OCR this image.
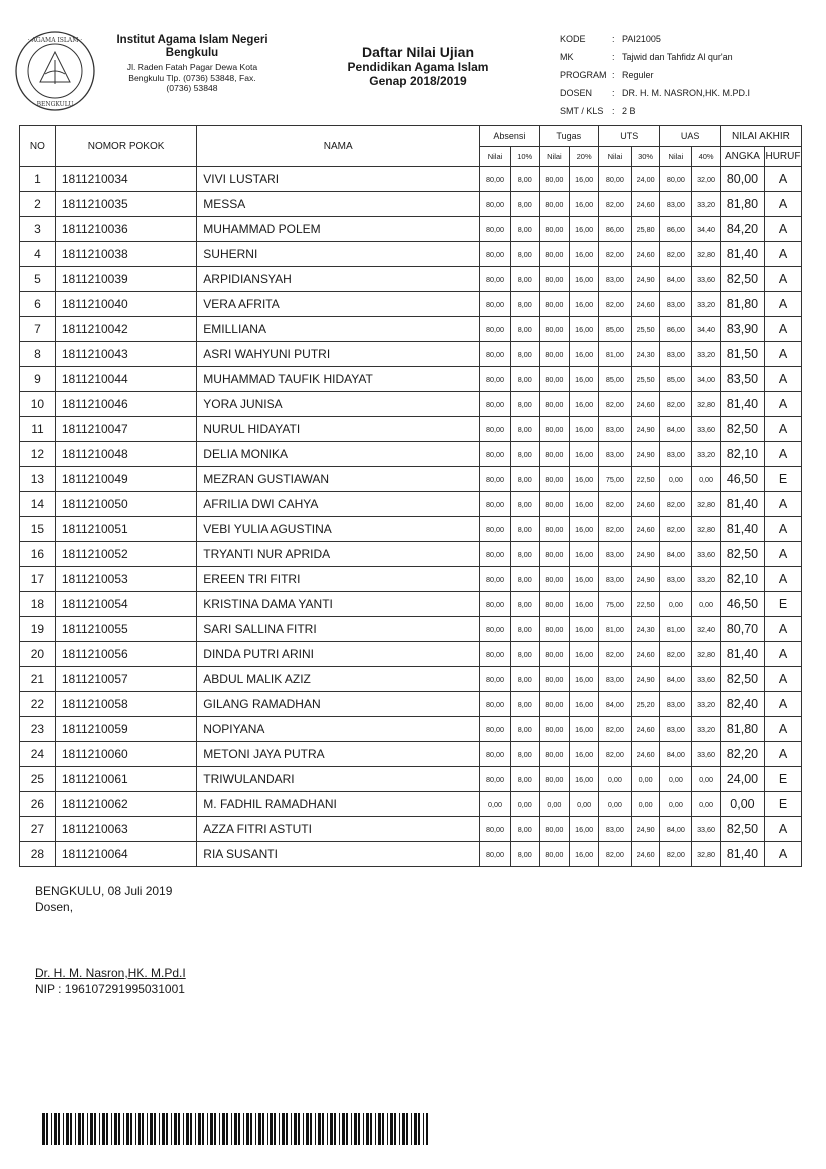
· AGAMA ISLAM ·
BENGKULU
Institut Agama Islam Negeri
Bengkulu
Jl. Raden Fatah Pagar Dewa Kota
Bengkulu Tlp. (0736) 53848, Fax.
(0736) 53848
Daftar Nilai Ujian
Pendidikan Agama Islam
Genap 2018/2019
KODE	: PAI21005
MK	: Tajwid dan Tahfidz Al qur'an
PROGRAM : Reguler
DOSEN	: DR. H. M. NASRON,HK. M.PD.I
SMT / KLS : 2 B
NO	NOMOR POKOK	NAMA	Absensi		Tugas		UTS		UAS		NILAI AKHIR	
			Nilai	10%	Nilai	20%	Nilai	30%	Nilai	40%	ANGKA	HURUF
1	1811210034	VIVI LUSTARI	80,00	8,00	80,00	16,00	80,00	24,00	80,00	32,00	80,00	A
2	1811210035	MESSA	80,00	8,00	80,00	16,00	82,00	24,60	83,00	33,20	81,80	A
3	1811210036	MUHAMMAD POLEM	80,00	8,00	80,00	16,00	86,00	25,80	86,00	34,40	84,20	A
4	1811210038	SUHERNI	80,00	8,00	80,00	16,00	82,00	24,60	82,00	32,80	81,40	A
5	1811210039	ARPIDIANSYAH	80,00	8,00	80,00	16,00	83,00	24,90	84,00	33,60	82,50	A
6	1811210040	VERA AFRITA	80,00	8,00	80,00	16,00	82,00	24,60	83,00	33,20	81,80	A
7	1811210042	EMILLIANA	80,00	8,00	80,00	16,00	85,00	25,50	86,00	34,40	83,90	A
8	1811210043	ASRI WAHYUNI PUTRI	80,00	8,00	80,00	16,00	81,00	24,30	83,00	33,20	81,50	A
9	1811210044	MUHAMMAD TAUFIK HIDAYAT	80,00	8,00	80,00	16,00	85,00	25,50	85,00	34,00	83,50	A
10	1811210046	YORA JUNISA	80,00	8,00	80,00	16,00	82,00	24,60	82,00	32,80	81,40	A
11	1811210047	NURUL HIDAYATI	80,00	8,00	80,00	16,00	83,00	24,90	84,00	33,60	82,50	A
12	1811210048	DELIA MONIKA	80,00	8,00	80,00	16,00	83,00	24,90	83,00	33,20	82,10	A
13	1811210049	MEZRAN GUSTIAWAN	80,00	8,00	80,00	16,00	75,00	22,50	0,00	0,00	46,50	E
14	1811210050	AFRILIA DWI CAHYA	80,00	8,00	80,00	16,00	82,00	24,60	82,00	32,80	81,40	A
15	1811210051	VEBI YULIA AGUSTINA	80,00	8,00	80,00	16,00	82,00	24,60	82,00	32,80	81,40	A
16	1811210052	TRYANTI NUR APRIDA	80,00	8,00	80,00	16,00	83,00	24,90	84,00	33,60	82,50	A
17	1811210053	EREEN TRI FITRI	80,00	8,00	80,00	16,00	83,00	24,90	83,00	33,20	82,10	A
18	1811210054	KRISTINA DAMA YANTI	80,00	8,00	80,00	16,00	75,00	22,50	0,00	0,00	46,50	E
19	1811210055	SARI SALLINA FITRI	80,00	8,00	80,00	16,00	81,00	24,30	81,00	32,40	80,70	A
20	1811210056	DINDA PUTRI ARINI	80,00	8,00	80,00	16,00	82,00	24,60	82,00	32,80	81,40	A
21	1811210057	ABDUL MALIK AZIZ	80,00	8,00	80,00	16,00	83,00	24,90	84,00	33,60	82,50	A
22	1811210058	GILANG RAMADHAN	80,00	8,00	80,00	16,00	84,00	25,20	83,00	33,20	82,40	A
23	1811210059	NOPIYANA	80,00	8,00	80,00	16,00	82,00	24,60	83,00	33,20	81,80	A
24	1811210060	METONI JAYA PUTRA	80,00	8,00	80,00	16,00	82,00	24,60	84,00	33,60	82,20	A
25	1811210061	TRIWULANDARI	80,00	8,00	80,00	16,00	0,00	0,00	0,00	0,00	24,00	E
26	1811210062	M. FADHIL RAMADHANI	0,00	0,00	0,00	0,00	0,00	0,00	0,00	0,00	0,00	E
27	1811210063	AZZA FITRI ASTUTI	80,00	8,00	80,00	16,00	83,00	24,90	84,00	33,60	82,50	A
28	1811210064	RIA SUSANTI	80,00	8,00	80,00	16,00	82,00	24,60	82,00	32,80	81,40	A
BENGKULU, 08 Juli 2019
Dosen,
Dr. H. M. Nasron,HK. M.Pd.I
NIP : 196107291995031001
